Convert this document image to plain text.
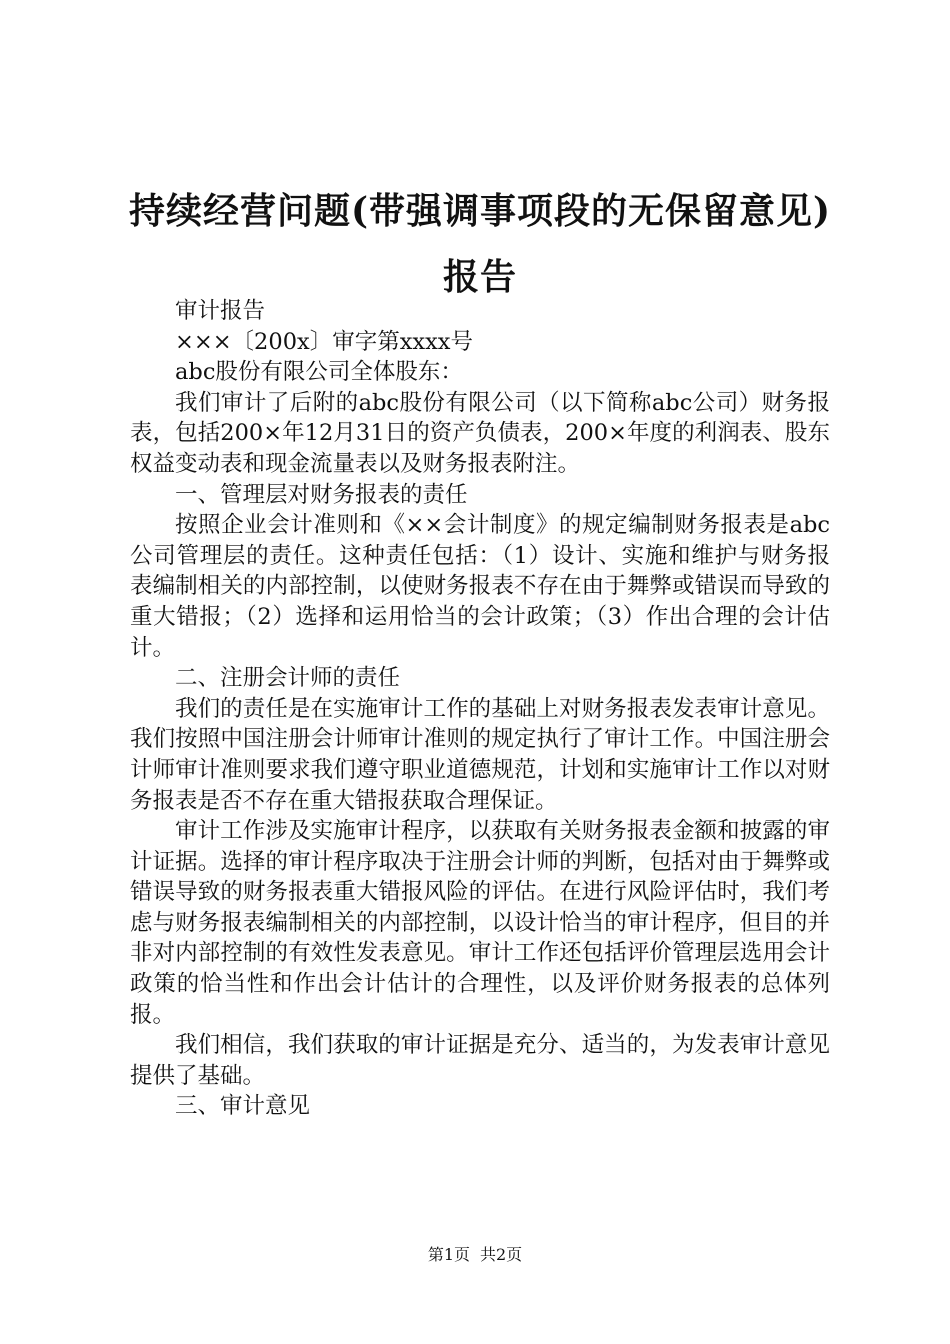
持续经营问题(带强调事项段的无保留意见)报告

审计报告

×××〔200x〕审字第xxxx号

abc股份有限公司全体股东：

我们审计了后附的abc股份有限公司（以下简称abc公司）财务报表，包括200×年12月31日的资产负债表，200×年度的利润表、股东权益变动表和现金流量表以及财务报表附注。

一、管理层对财务报表的责任

按照企业会计准则和《××会计制度》的规定编制财务报表是abc公司管理层的责任。这种责任包括：（1）设计、实施和维护与财务报表编制相关的内部控制，以使财务报表不存在由于舞弊或错误而导致的重大错报；（2）选择和运用恰当的会计政策；（3）作出合理的会计估计。

二、注册会计师的责任

我们的责任是在实施审计工作的基础上对财务报表发表审计意见。我们按照中国注册会计师审计准则的规定执行了审计工作。中国注册会计师审计准则要求我们遵守职业道德规范，计划和实施审计工作以对财务报表是否不存在重大错报获取合理保证。

审计工作涉及实施审计程序，以获取有关财务报表金额和披露的审计证据。选择的审计程序取决于注册会计师的判断，包括对由于舞弊或错误导致的财务报表重大错报风险的评估。在进行风险评估时，我们考虑与财务报表编制相关的内部控制，以设计恰当的审计程序，但目的并非对内部控制的有效性发表意见。审计工作还包括评价管理层选用会计政策的恰当性和作出会计估计的合理性，以及评价财务报表的总体列报。

我们相信，我们获取的审计证据是充分、适当的，为发表审计意见提供了基础。

三、审计意见

第1页 共2页
